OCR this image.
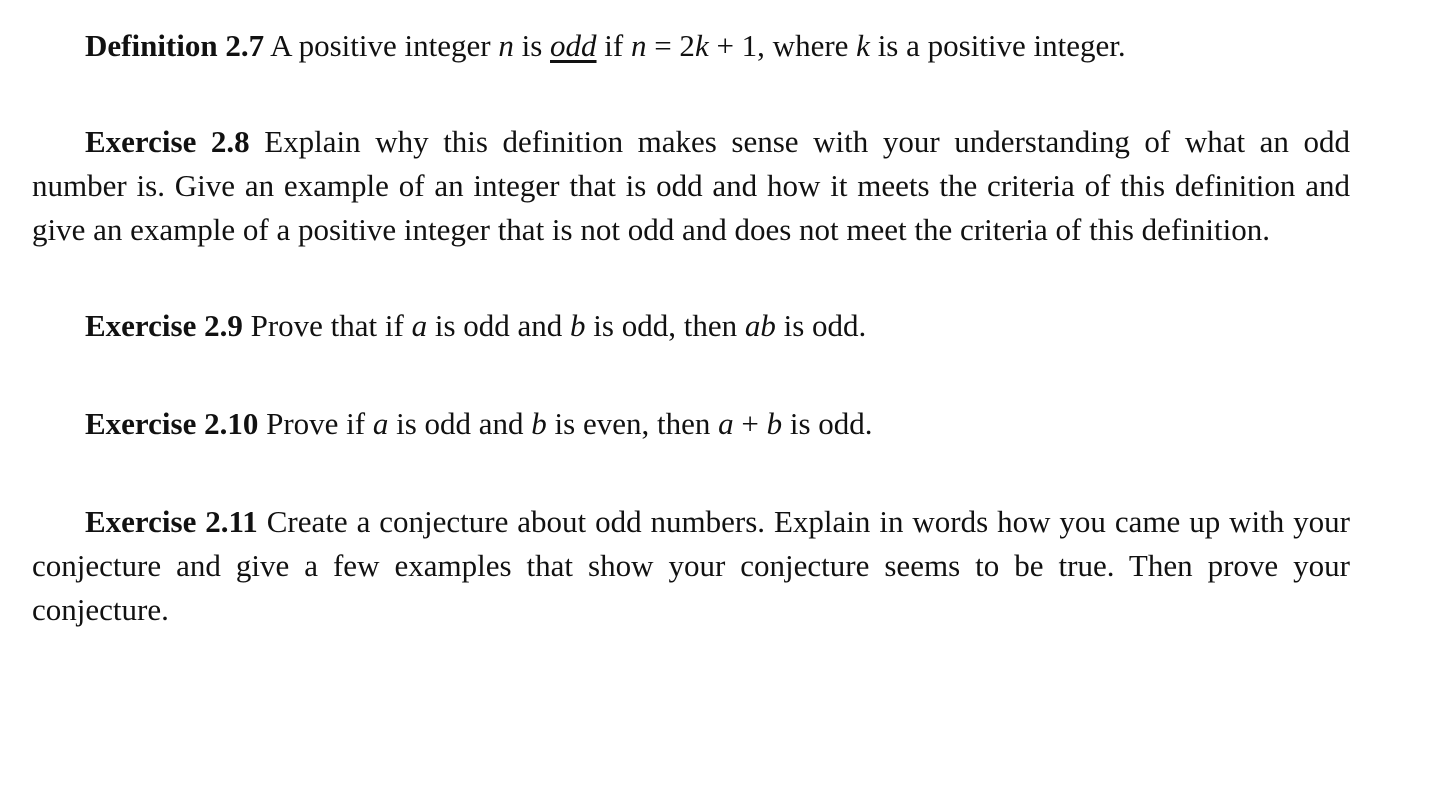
Definition 2.7 A positive integer n is odd if n = 2k + 1, where k is a positive integer.

Exercise 2.8 Explain why this definition makes sense with your understanding of what an odd number is. Give an example of an integer that is odd and how it meets the criteria of this definition and give an example of a positive integer that is not odd and does not meet the criteria of this definition.

Exercise 2.9 Prove that if a is odd and b is odd, then ab is odd.

Exercise 2.10 Prove if a is odd and b is even, then a + b is odd.

Exercise 2.11 Create a conjecture about odd numbers. Explain in words how you came up with your conjecture and give a few examples that show your conjecture seems to be true. Then prove your conjecture.
